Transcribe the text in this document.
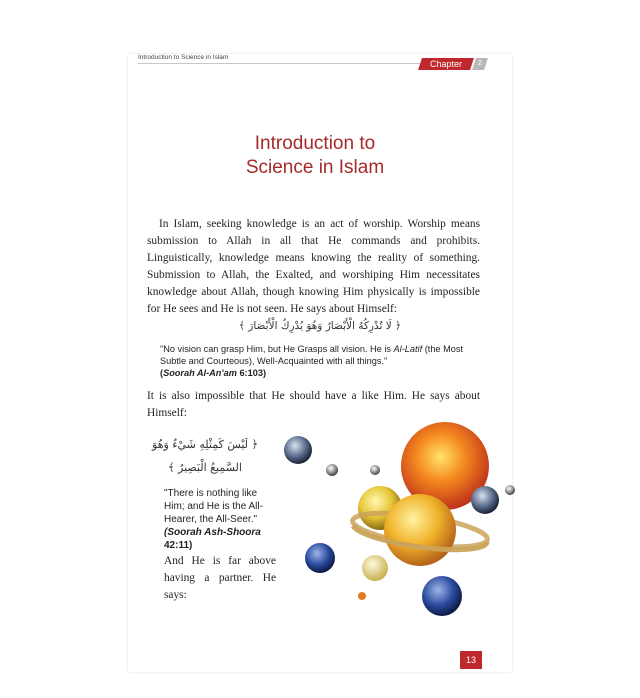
Introduction to Science in Islam
Chapter	2
Introduction to
Science in Islam
In Islam, seeking knowledge is an act of worship. Worship means submission to Allah in all that He commands and prohibits. Linguistically, knowledge means knowing the reality of something. Submission to Allah, the Exalted, and worshiping Him necessitates knowledge about Allah, though knowing Him physically is impossible for He sees and He is not seen. He says about Himself:
﴿ لَا تُدْرِكُهُ الْأَبْصَارُ وَهُوَ يُدْرِكُ الْأَبْصَارَ ﴾
"No vision can grasp Him, but He Grasps all vision. He is Al-Latif (the Most Subtle and Courteous), Well-Acquainted with all things."
(Soorah Al-An'am 6:103)
It is also impossible that He should have a like Him. He says about Himself:
﴿ لَيْسَ كَمِثْلِهِ شَيْءٌ وَهُوَ
السَّمِيعُ الْبَصِيرُ ﴾
"There is nothing like
Him; and He is the All-
Hearer, the All-Seer."
(Soorah Ash-Shoora
42:11)
And He is far above having a partner. He says:
13
